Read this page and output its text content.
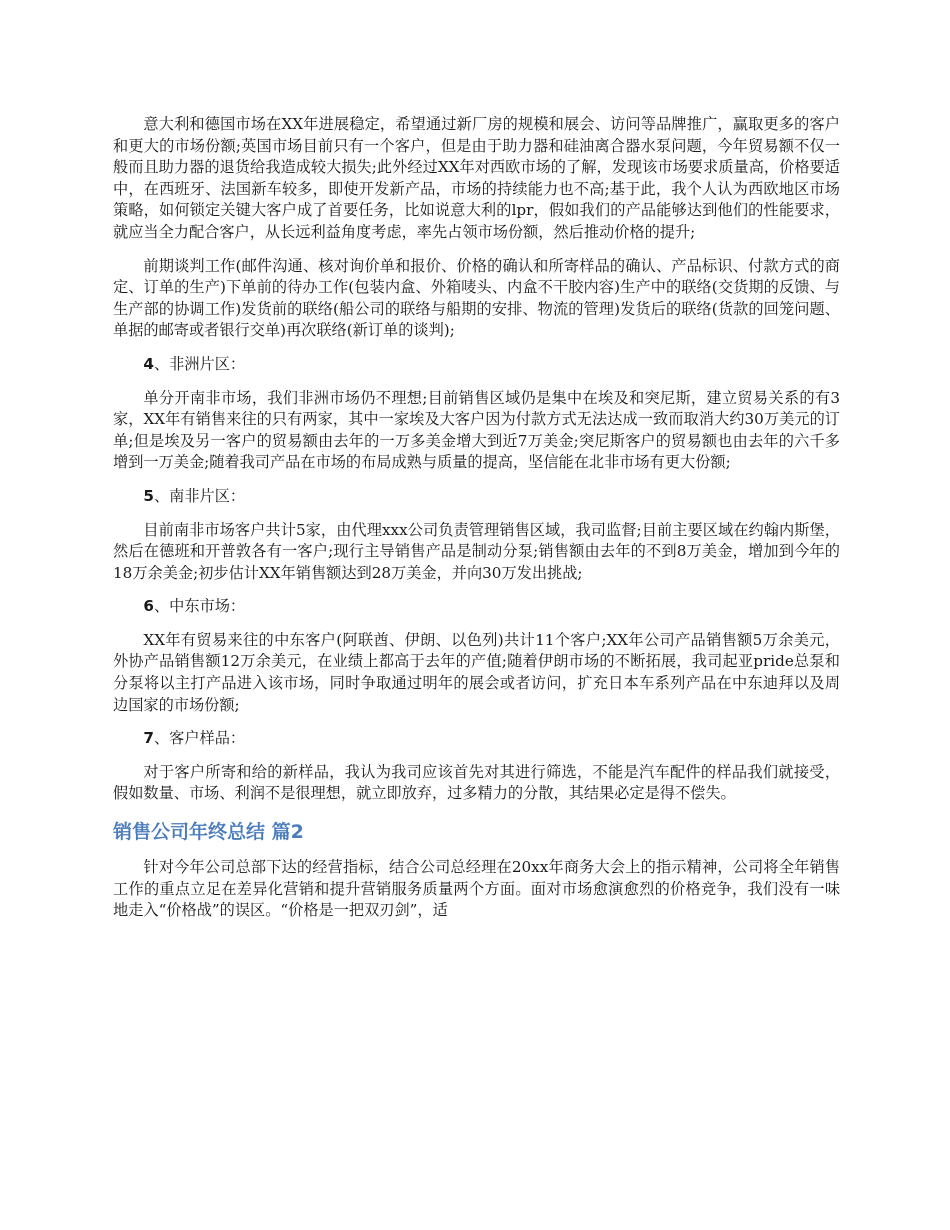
意大利和德国市场在XX年进展稳定，希望通过新厂房的规模和展会、访问等品牌推广，赢取更多的客户和更大的市场份额;英国市场目前只有一个客户，但是由于助力器和硅油离合器水泵问题，今年贸易额不仅一般而且助力器的退货给我造成较大损失;此外经过XX年对西欧市场的了解，发现该市场要求质量高，价格要适中，在西班牙、法国新车较多，即使开发新产品，市场的持续能力也不高;基于此，我个人认为西欧地区市场策略，如何锁定关键大客户成了首要任务，比如说意大利的lpr，假如我们的产品能够达到他们的性能要求，就应当全力配合客户，从长远利益角度考虑，率先占领市场份额，然后推动价格的提升;

前期谈判工作(邮件沟通、核对询价单和报价、价格的确认和所寄样品的确认、产品标识、付款方式的商定、订单的生产)下单前的待办工作(包装内盒、外箱唛头、内盒不干胶内容)生产中的联络(交货期的反馈、与生产部的协调工作)发货前的联络(船公司的联络与船期的安排、物流的管理)发货后的联络(货款的回笼问题、单据的邮寄或者银行交单)再次联络(新订单的谈判);

4、非洲片区：

单分开南非市场，我们非洲市场仍不理想;目前销售区域仍是集中在埃及和突尼斯，建立贸易关系的有3家，XX年有销售来往的只有两家，其中一家埃及大客户因为付款方式无法达成一致而取消大约30万美元的订单;但是埃及另一客户的贸易额由去年的一万多美金增大到近7万美金;突尼斯客户的贸易额也由去年的六千多增到一万美金;随着我司产品在市场的布局成熟与质量的提高，坚信能在北非市场有更大份额;

5、南非片区：

目前南非市场客户共计5家，由代理xxx公司负责管理销售区域，我司监督;目前主要区域在约翰内斯堡，然后在德班和开普敦各有一客户;现行主导销售产品是制动分泵;销售额由去年的不到8万美金，增加到今年的18万余美金;初步估计XX年销售额达到28万美金，并向30万发出挑战;

6、中东市场：

XX年有贸易来往的中东客户(阿联酋、伊朗、以色列)共计11个客户;XX年公司产品销售额5万余美元，外协产品销售额12万余美元，在业绩上都高于去年的产值;随着伊朗市场的不断拓展，我司起亚pride总泵和分泵将以主打产品进入该市场，同时争取通过明年的展会或者访问，扩充日本车系列产品在中东迪拜以及周边国家的市场份额;

7、客户样品：

对于客户所寄和给的新样品，我认为我司应该首先对其进行筛选，不能是汽车配件的样品我们就接受，假如数量、市场、利润不是很理想，就立即放弃，过多精力的分散，其结果必定是得不偿失。

销售公司年终总结 篇2

针对今年公司总部下达的经营指标，结合公司总经理在20xx年商务大会上的指示精神，公司将全年销售工作的重点立足在差异化营销和提升营销服务质量两个方面。面对市场愈演愈烈的价格竞争，我们没有一味地走入“价格战”的误区。“价格是一把双刃剑”，适
